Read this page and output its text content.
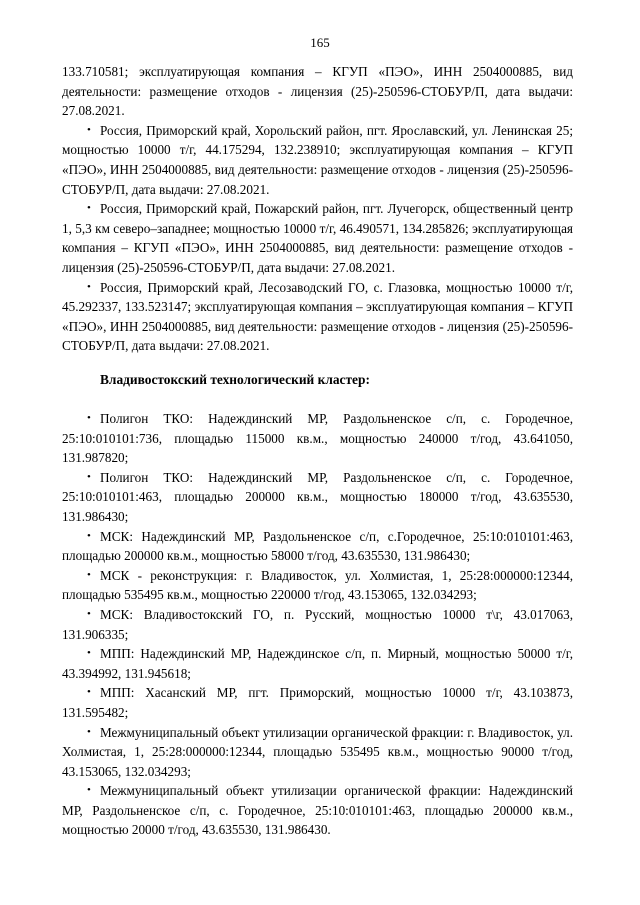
165

133.710581; эксплуатирующая компания – КГУП «ПЭО», ИНН 2504000885, вид деятельности: размещение отходов - лицензия (25)-250596-СТОБУР/П, дата выдачи: 27.08.2021.

• Россия, Приморский край, Хорольский район, пгт. Ярославский, ул. Ленинская 25; мощностью 10000 т/г, 44.175294, 132.238910; эксплуатирующая компания – КГУП «ПЭО», ИНН 2504000885, вид деятельности: размещение отходов - лицензия (25)-250596-СТОБУР/П, дата выдачи: 27.08.2021.

• Россия, Приморский край, Пожарский район, пгт. Лучегорск, общественный центр 1, 5,3 км северо–западнее; мощностью 10000 т/г, 46.490571, 134.285826; эксплуатирующая компания – КГУП «ПЭО», ИНН 2504000885, вид деятельности: размещение отходов - лицензия (25)-250596-СТОБУР/П, дата выдачи: 27.08.2021.

• Россия, Приморский край, Лесозаводский ГО, с. Глазовка, мощностью 10000 т/г, 45.292337, 133.523147; эксплуатирующая компания – эксплуатирующая компания – КГУП «ПЭО», ИНН 2504000885, вид деятельности: размещение отходов - лицензия (25)-250596-СТОБУР/П, дата выдачи: 27.08.2021.

Владивостокский технологический кластер:

• Полигон ТКО: Надеждинский МР, Раздольненское с/п, с. Городечное, 25:10:010101:736, площадью 115000 кв.м., мощностью 240000 т/год, 43.641050, 131.987820;

• Полигон ТКО: Надеждинский МР, Раздольненское с/п, с. Городечное, 25:10:010101:463, площадью 200000 кв.м., мощностью 180000 т/год, 43.635530, 131.986430;

• МСК: Надеждинский МР, Раздольненское с/п, с.Городечное, 25:10:010101:463, площадью 200000 кв.м., мощностью 58000 т/год, 43.635530, 131.986430;

• МСК - реконструкция: г. Владивосток, ул. Холмистая, 1, 25:28:000000:12344, площадью 535495 кв.м., мощностью 220000 т/год, 43.153065, 132.034293;

• МСК: Владивостокский ГО, п. Русский, мощностью 10000 т\г, 43.017063, 131.906335;

• МПП: Надеждинский МР, Надеждинское с/п, п. Мирный, мощностью 50000 т/г, 43.394992, 131.945618;

• МПП: Хасанский МР, пгт. Приморский, мощностью 10000 т/г, 43.103873, 131.595482;

• Межмуниципальный объект утилизации органической фракции: г. Владивосток, ул. Холмистая, 1, 25:28:000000:12344, площадью 535495 кв.м., мощностью 90000 т/год, 43.153065, 132.034293;

• Межмуниципальный объект утилизации органической фракции: Надеждинский МР, Раздольненское с/п, с. Городечное, 25:10:010101:463, площадью 200000 кв.м., мощностью 20000 т/год, 43.635530, 131.986430.
